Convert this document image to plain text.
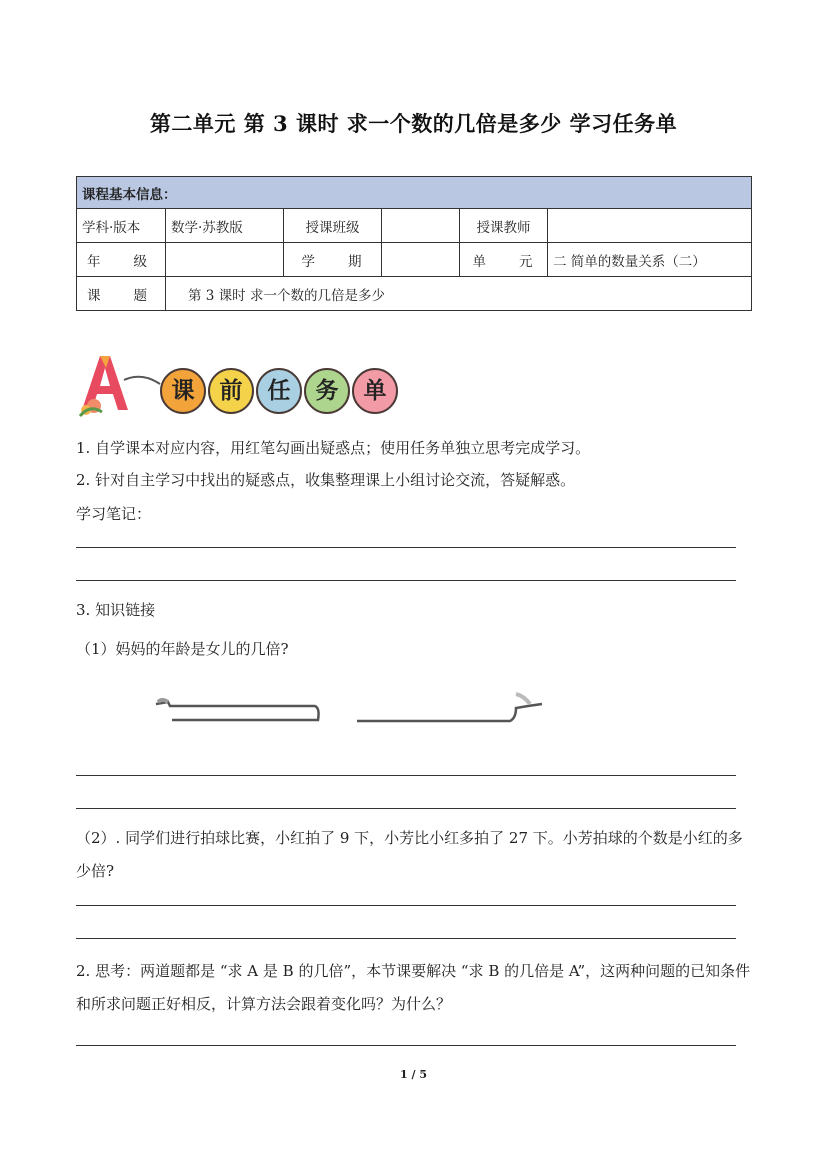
第二单元 第 3 课时 求一个数的几倍是多少 学习任务单
课程基本信息：					
学科·版本	数学·苏教版	授课班级		授课教师	
年　　级		学　　期		单　　元	二 简单的数量关系（二）
课　　题	第 3 课时 求一个数的几倍是多少				
课	前	任	务	单
1. 自学课本对应内容，用红笔勾画出疑惑点；使用任务单独立思考完成学习。
2. 针对自主学习中找出的疑惑点，收集整理课上小组讨论交流，答疑解惑。
学习笔记：
3. 知识链接
（1）妈妈的年龄是女儿的几倍?
（2）. 同学们进行拍球比赛，小红拍了 9 下，小芳比小红多拍了 27 下。小芳拍球的个数是小红的多少倍?
2. 思考：两道题都是 “求 A 是 B 的几倍”，本节课要解决 “求 B 的几倍是 A”，这两种问题的已知条件和所求问题正好相反，计算方法会跟着变化吗？为什么？
1 / 5
